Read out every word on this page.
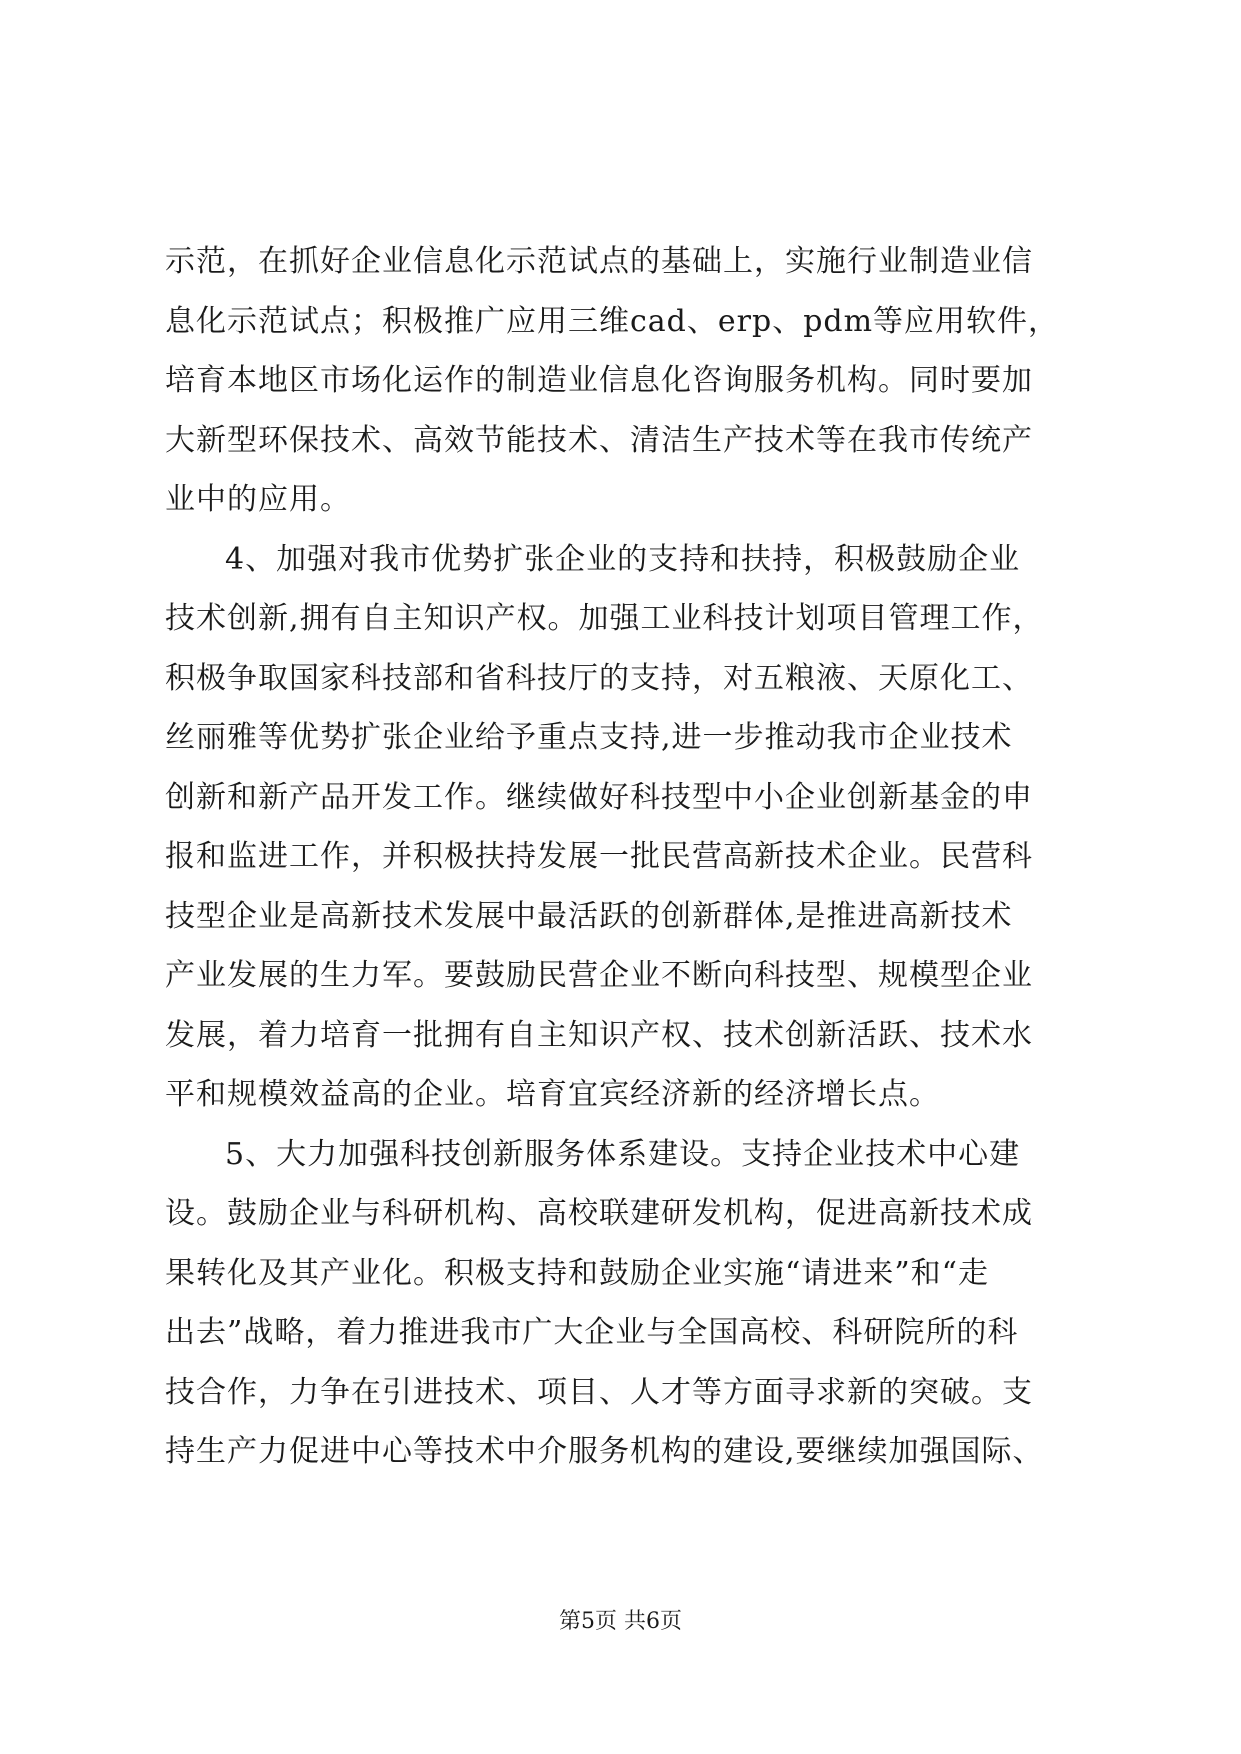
示范，在抓好企业信息化示范试点的基础上，实施行业制造业信
息化示范试点；积极推广应用三维cad、erp、pdm等应用软件，
培育本地区市场化运作的制造业信息化咨询服务机构。同时要加
大新型环保技术、高效节能技术、清洁生产技术等在我市传统产
业中的应用。
4、加强对我市优势扩张企业的支持和扶持，积极鼓励企业
技术创新,拥有自主知识产权。加强工业科技计划项目管理工作，
积极争取国家科技部和省科技厅的支持，对五粮液、天原化工、
丝丽雅等优势扩张企业给予重点支持,进一步推动我市企业技术
创新和新产品开发工作。继续做好科技型中小企业创新基金的申
报和监进工作，并积极扶持发展一批民营高新技术企业。民营科
技型企业是高新技术发展中最活跃的创新群体,是推进高新技术
产业发展的生力军。要鼓励民营企业不断向科技型、规模型企业
发展，着力培育一批拥有自主知识产权、技术创新活跃、技术水
平和规模效益高的企业。培育宜宾经济新的经济增长点。
5、大力加强科技创新服务体系建设。支持企业技术中心建
设。鼓励企业与科研机构、高校联建研发机构，促进高新技术成
果转化及其产业化。积极支持和鼓励企业实施“请进来”和“走
出去”战略，着力推进我市广大企业与全国高校、科研院所的科
技合作，力争在引进技术、项目、人才等方面寻求新的突破。支
持生产力促进中心等技术中介服务机构的建设,要继续加强国际、
第5页 共6页
